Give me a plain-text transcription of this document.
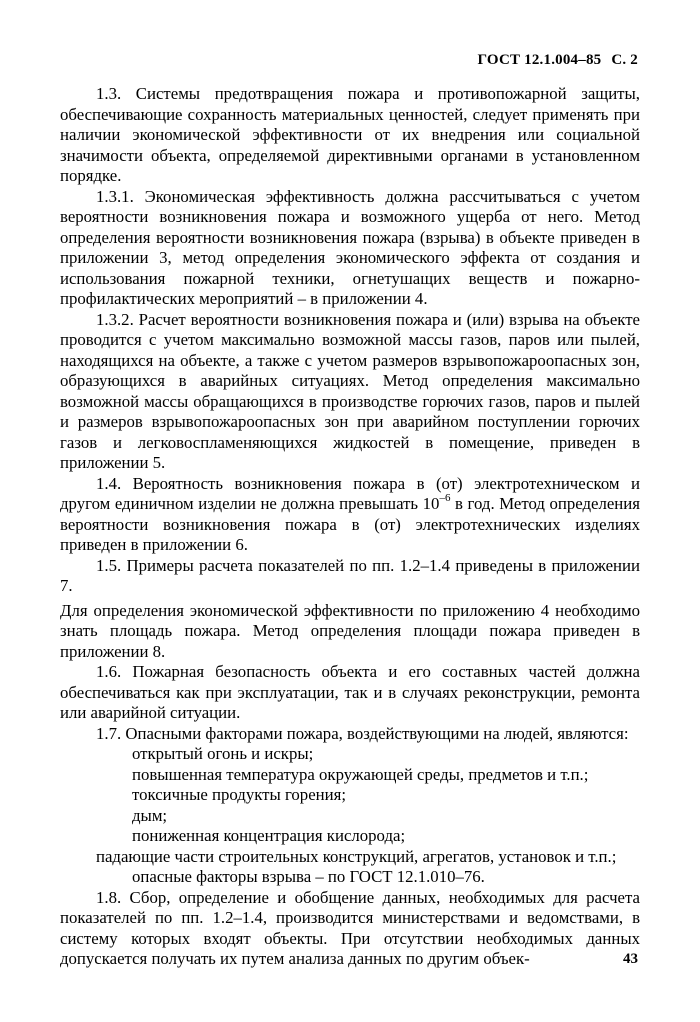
ГОСТ 12.1.004–85 С. 2

1.3. Системы предотвращения пожара и противопожарной защиты, обеспечивающие сохранность материальных ценностей, следует применять при наличии экономической эффективности от их внедрения или социальной значимости объекта, определяемой директивными органами в установленном порядке.

1.3.1. Экономическая эффективность должна рассчитываться с учетом вероятности возникновения пожара и возможного ущерба от него. Метод определения вероятности возникновения пожара (взрыва) в объекте приведен в приложении 3, метод определения экономического эффекта от создания и использования пожарной техники, огнетушащих веществ и пожарно-профилактических мероприятий – в приложении 4.

1.3.2. Расчет вероятности возникновения пожара и (или) взрыва на объекте проводится с учетом максимально возможной массы газов, паров или пылей, находящихся на объекте, а также с учетом размеров взрывопожароопасных зон, образующихся в аварийных ситуациях. Метод определения максимально возможной массы обращающихся в производстве горючих газов, паров и пылей и размеров взрывопожароопасных зон при аварийном поступлении горючих газов и легковоспламеняющихся жидкостей в помещение, приведен в приложении 5.

1.4. Вероятность возникновения пожара в (от) электротехническом и другом единичном изделии не должна превышать $10^{-6}$ в год. Метод определения вероятности возникновения пожара в (от) электротехнических изделиях приведен в приложении 6.

1.5. Примеры расчета показателей по пп. 1.2–1.4 приведены в приложении 7.

Для определения экономической эффективности по приложению 4 необходимо знать площадь пожара. Метод определения площади пожара приведен в приложении 8.

1.6. Пожарная безопасность объекта и его составных частей должна обеспечиваться как при эксплуатации, так и в случаях реконструкции, ремонта или аварийной ситуации.

1.7. Опасными факторами пожара, воздействующими на людей, являются:

открытый огонь и искры;

повышенная температура окружающей среды, предметов и т.п.;

токсичные продукты горения;

дым;

пониженная концентрация кислорода;

падающие части строительных конструкций, агрегатов, установок и т.п.;

опасные факторы взрыва – по ГОСТ 12.1.010–76.

1.8. Сбор, определение и обобщение данных, необходимых для расчета показателей по пп. 1.2–1.4, производится министерствами и ведомствами, в систему которых входят объекты. При отсутствии необходимых данных допускается получать их путем анализа данных по другим объек-	43
